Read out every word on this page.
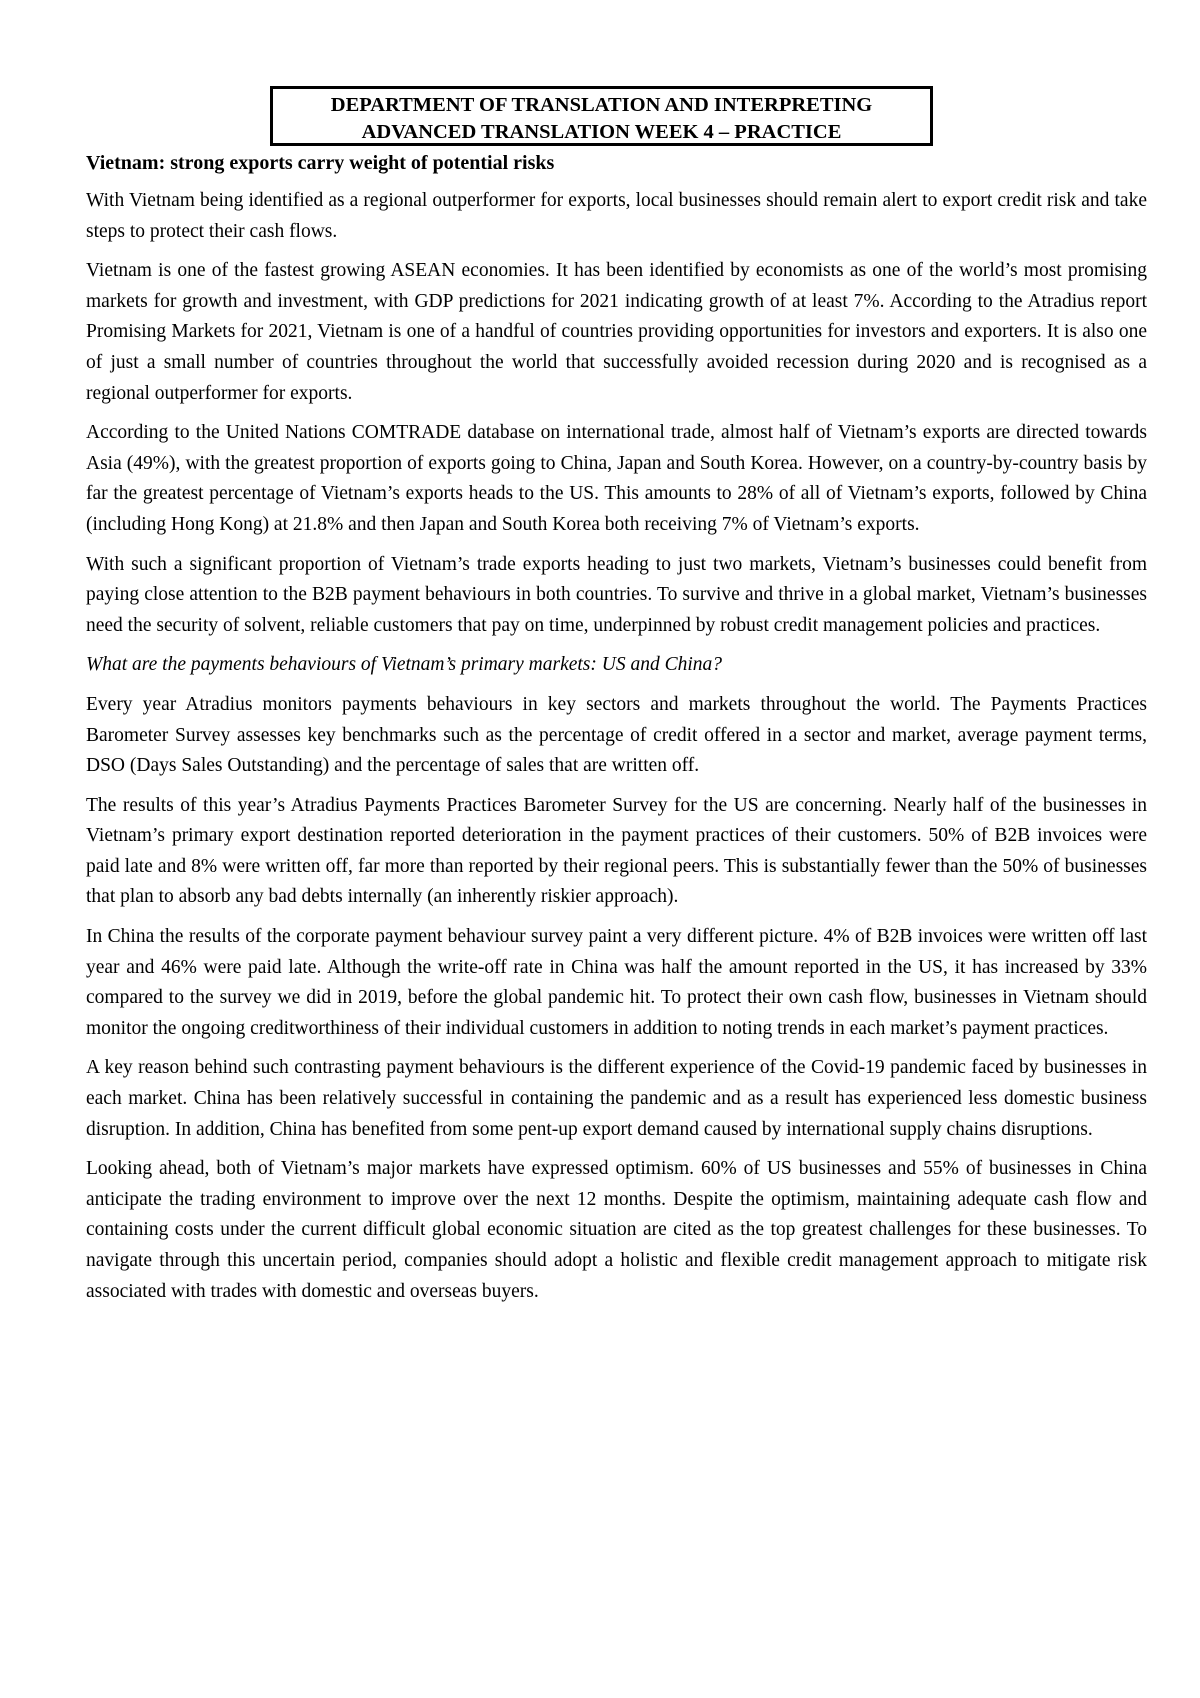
DEPARTMENT OF TRANSLATION AND INTERPRETING
ADVANCED TRANSLATION WEEK 4 – PRACTICE
Vietnam: strong exports carry weight of potential risks

With Vietnam being identified as a regional outperformer for exports, local businesses should remain alert to export credit risk and take steps to protect their cash flows.

Vietnam is one of the fastest growing ASEAN economies. It has been identified by economists as one of the world’s most promising markets for growth and investment, with GDP predictions for 2021 indicating growth of at least 7%. According to the Atradius report Promising Markets for 2021, Vietnam is one of a handful of countries providing opportunities for investors and exporters. It is also one of just a small number of countries throughout the world that successfully avoided recession during 2020 and is recognised as a regional outperformer for exports.

According to the United Nations COMTRADE database on international trade, almost half of Vietnam’s exports are directed towards Asia (49%), with the greatest proportion of exports going to China, Japan and South Korea. However, on a country-by-country basis by far the greatest percentage of Vietnam’s exports heads to the US. This amounts to 28% of all of Vietnam’s exports, followed by China (including Hong Kong) at 21.8% and then Japan and South Korea both receiving 7% of Vietnam’s exports.

With such a significant proportion of Vietnam’s trade exports heading to just two markets, Vietnam’s businesses could benefit from paying close attention to the B2B payment behaviours in both countries. To survive and thrive in a global market, Vietnam’s businesses need the security of solvent, reliable customers that pay on time, underpinned by robust credit management policies and practices.

What are the payments behaviours of Vietnam’s primary markets: US and China?

Every year Atradius monitors payments behaviours in key sectors and markets throughout the world. The Payments Practices Barometer Survey assesses key benchmarks such as the percentage of credit offered in a sector and market, average payment terms, DSO (Days Sales Outstanding) and the percentage of sales that are written off.

The results of this year’s Atradius Payments Practices Barometer Survey for the US are concerning. Nearly half of the businesses in Vietnam’s primary export destination reported deterioration in the payment practices of their customers. 50% of B2B invoices were paid late and 8% were written off, far more than reported by their regional peers. This is substantially fewer than the 50% of businesses that plan to absorb any bad debts internally (an inherently riskier approach).

In China the results of the corporate payment behaviour survey paint a very different picture. 4% of B2B invoices were written off last year and 46% were paid late. Although the write-off rate in China was half the amount reported in the US, it has increased by 33% compared to the survey we did in 2019, before the global pandemic hit. To protect their own cash flow, businesses in Vietnam should monitor the ongoing creditworthiness of their individual customers in addition to noting trends in each market’s payment practices.

A key reason behind such contrasting payment behaviours is the different experience of the Covid-19 pandemic faced by businesses in each market. China has been relatively successful in containing the pandemic and as a result has experienced less domestic business disruption. In addition, China has benefited from some pent-up export demand caused by international supply chains disruptions.

Looking ahead, both of Vietnam’s major markets have expressed optimism. 60% of US businesses and 55% of businesses in China anticipate the trading environment to improve over the next 12 months. Despite the optimism, maintaining adequate cash flow and containing costs under the current difficult global economic situation are cited as the top greatest challenges for these businesses. To navigate through this uncertain period, companies should adopt a holistic and flexible credit management approach to mitigate risk associated with trades with domestic and overseas buyers.
